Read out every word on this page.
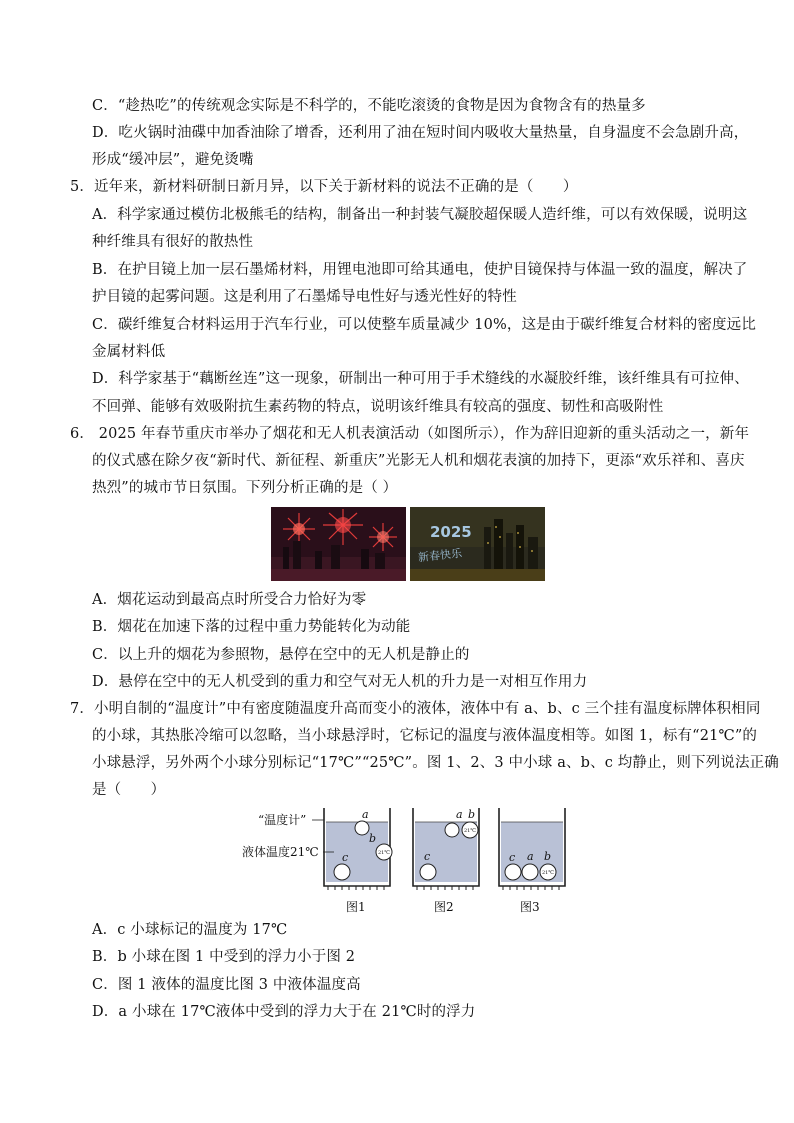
C．“趁热吃”的传统观念实际是不科学的，不能吃滚烫的食物是因为食物含有的热量多
D．吃火锅时油碟中加香油除了增香，还利用了油在短时间内吸收大量热量，自身温度不会急剧升高，
形成“缓冲层”，避免烫嘴
5．近年来，新材料研制日新月异，以下关于新材料的说法不正确的是（　　）
A．科学家通过模仿北极熊毛的结构，制备出一种封装气凝胶超保暖人造纤维，可以有效保暖，说明这
种纤维具有很好的散热性
B．在护目镜上加一层石墨烯材料，用锂电池即可给其通电，使护目镜保持与体温一致的温度，解决了
护目镜的起雾问题。这是利用了石墨烯导电性好与透光性好的特性
C．碳纤维复合材料运用于汽车行业，可以使整车质量减少 10%，这是由于碳纤维复合材料的密度远比
金属材料低
D．科学家基于“藕断丝连”这一现象，研制出一种可用于手术缝线的水凝胶纤维，该纤维具有可拉伸、
不回弹、能够有效吸附抗生素药物的特点，说明该纤维具有较高的强度、韧性和高吸附性
6． 2025 年春节重庆市举办了烟花和无人机表演活动（如图所示），作为辞旧迎新的重头活动之一，新年
的仪式感在除夕夜“新时代、新征程、新重庆”光影无人机和烟花表演的加持下，更添“欢乐祥和、喜庆
热烈”的城市节日氛围。下列分析正确的是（ ）
2025
新春快乐
A．烟花运动到最高点时所受合力恰好为零
B．烟花在加速下落的过程中重力势能转化为动能
C．以上升的烟花为参照物，悬停在空中的无人机是静止的
D．悬停在空中的无人机受到的重力和空气对无人机的升力是一对相互作用力
7．小明自制的“温度计”中有密度随温度升高而变小的液体，液体中有 a、b、c 三个挂有温度标牌体积相同
的小球，其热胀冷缩可以忽略，当小球悬浮时，它标记的温度与液体温度相等。如图 1，标有“21℃”的
小球悬浮，另外两个小球分别标记“17℃”“25℃”。图 1、2、3 中小球 a、b、c 均静止，则下列说法正确
是（　　）
a
21℃
b
c
“温度计”
液体温度21℃
a
21℃
b
c	c a
21℃
b
图1	图2	图3
A．c 小球标记的温度为 17℃
B．b 小球在图 1 中受到的浮力小于图 2
C．图 1 液体的温度比图 3 中液体温度高
D．a 小球在 17℃液体中受到的浮力大于在 21℃时的浮力
